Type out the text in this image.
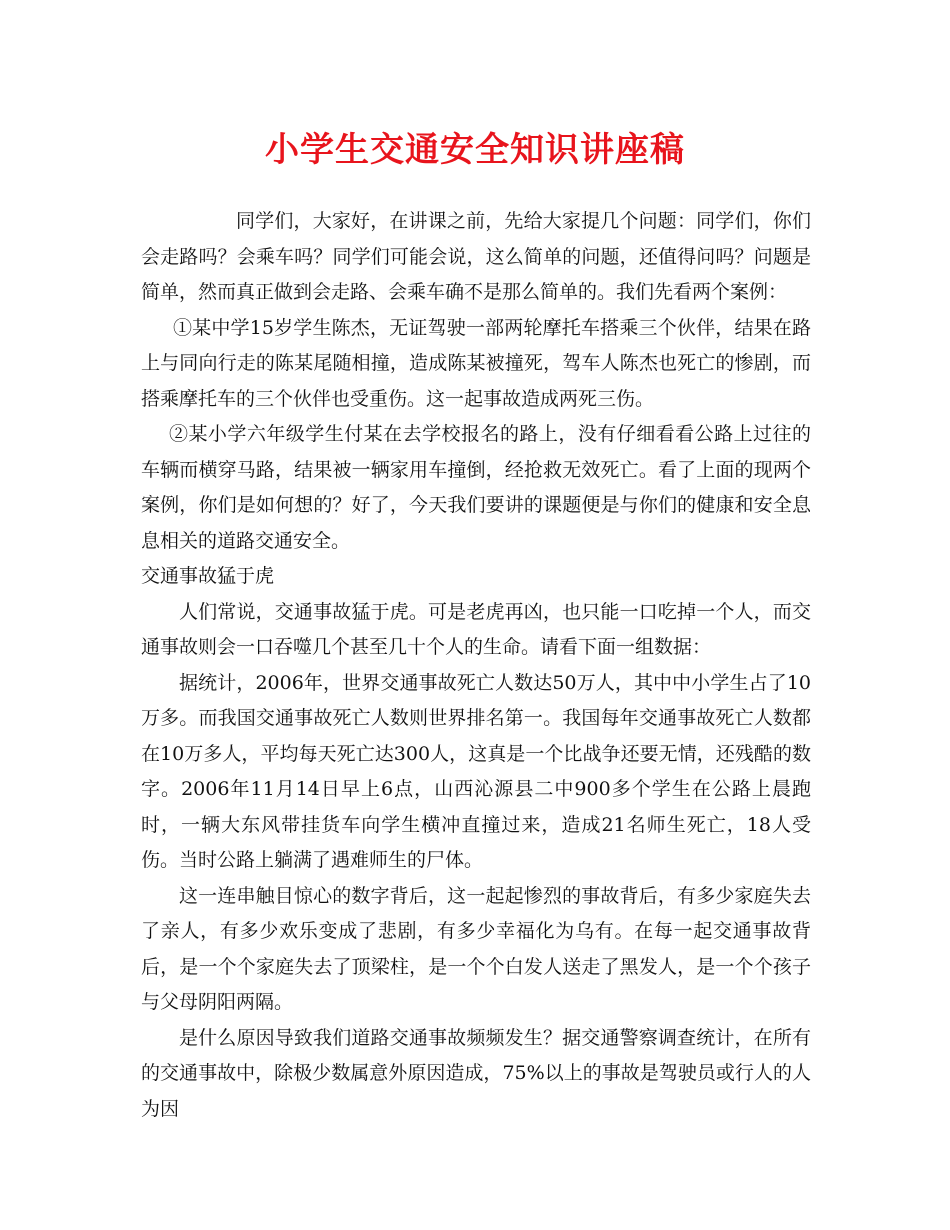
小学生交通安全知识讲座稿

同学们，大家好，在讲课之前，先给大家提几个问题：同学们，你们会走路吗？会乘车吗？同学们可能会说，这么简单的问题，还值得问吗？问题是简单，然而真正做到会走路、会乘车确不是那么简单的。我们先看两个案例：

①某中学15岁学生陈杰，无证驾驶一部两轮摩托车搭乘三个伙伴，结果在路上与同向行走的陈某尾随相撞，造成陈某被撞死，驾车人陈杰也死亡的惨剧，而搭乘摩托车的三个伙伴也受重伤。这一起事故造成两死三伤。

②某小学六年级学生付某在去学校报名的路上，没有仔细看看公路上过往的车辆而横穿马路，结果被一辆家用车撞倒，经抢救无效死亡。看了上面的现两个案例，你们是如何想的？好了，今天我们要讲的课题便是与你们的健康和安全息息相关的道路交通安全。

交通事故猛于虎

人们常说，交通事故猛于虎。可是老虎再凶，也只能一口吃掉一个人，而交通事故则会一口吞噬几个甚至几十个人的生命。请看下面一组数据：

据统计，2006年，世界交通事故死亡人数达50万人，其中中小学生占了10万多。而我国交通事故死亡人数则世界排名第一。我国每年交通事故死亡人数都在10万多人，平均每天死亡达300人，这真是一个比战争还要无情，还残酷的数字。2006年11月14日早上6点，山西沁源县二中900多个学生在公路上晨跑时，一辆大东风带挂货车向学生横冲直撞过来，造成21名师生死亡，18人受伤。当时公路上躺满了遇难师生的尸体。

这一连串触目惊心的数字背后，这一起起惨烈的事故背后，有多少家庭失去了亲人，有多少欢乐变成了悲剧，有多少幸福化为乌有。在每一起交通事故背后，是一个个家庭失去了顶梁柱，是一个个白发人送走了黑发人，是一个个孩子与父母阴阳两隔。

是什么原因导致我们道路交通事故频频发生？据交通警察调查统计，在所有的交通事故中，除极少数属意外原因造成，75%以上的事故是驾驶员或行人的人为因
